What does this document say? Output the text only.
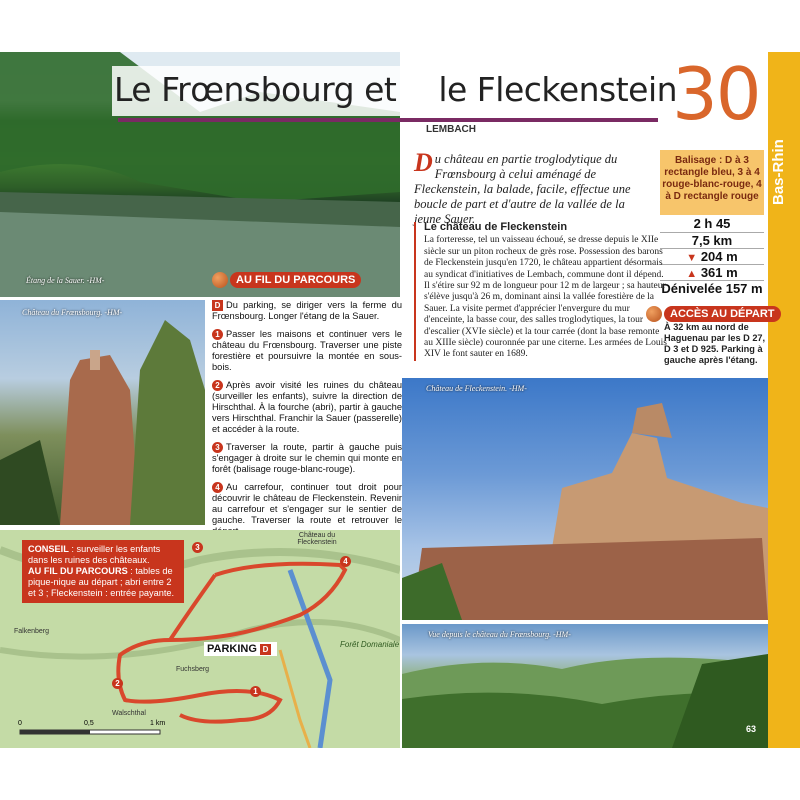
Étang de la Sauer. -HM-
Le Frœnsbourg et le Fleckenstein
LEMBACH	30
Bas-Rhin
Balisage : D à 3 rectangle bleu, 3 à 4 rouge-blanc-rouge, 4 à D rectangle rouge
2 h 45
7,5 km
▼ 204 m
▲ 361 m
Dénivelée 157 m
Du château en partie troglodytique du Frœnsbourg à celui aménagé de Fleckenstein, la balade, facile, effectue une boucle de part et d'autre de la vallée de la jeune Sauer.
Le château de Fleckenstein
La forteresse, tel un vaisseau échoué, se dresse depuis le XIIe siècle sur un piton rocheux de grès rose. Possession des barons de Fleckenstein jusqu'en 1720, le château appartient désormais au syndicat d'initiatives de Lembach, commune dont il dépend. Il s'étire sur 92 m de longueur pour 12 m de largeur ; sa hauteur s'élève jusqu'à 26 m, dominant ainsi la vallée forestière de la Sauer. La visite permet d'apprécier l'envergure du mur d'enceinte, la basse cour, des salles troglodytiques, la tour d'escalier (XVIe siècle) et la tour carrée (dont la base remonte au XIIIe siècle) couronnée par une citerne. Les armées de Louis XIV le font sauter en 1689.
ACCÈS AU DÉPART
À 32 km au nord de Haguenau par les D 27, D 3 et D 925. Parking à gauche après l'étang.
AU FIL DU PARCOURS
Château du Frœnsbourg. -HM-

D Du parking, se diriger vers la ferme du Frœnsbourg. Longer l'étang de la Sauer.

1 Passer les maisons et continuer vers le château du Frœnsbourg. Traverser une piste forestière et poursuivre la montée en sous-bois.

2 Après avoir visité les ruines du château (surveiller les enfants), suivre la direction de Hirschthal. À la fourche (abri), partir à gauche vers Hirschthal. Franchir la Sauer (passerelle) et accéder à la route.

3 Traverser la route, partir à gauche puis s'engager à droite sur le chemin qui monte en forêt (balisage rouge-blanc-rouge).

4 Au carrefour, continuer tout droit pour découvrir le château de Fleckenstein. Revenir au carrefour et s'engager sur le sentier de gauche. Traverser la route et retrouver le

Château de Fleckenstein. -HM-
Vue depuis le château du Frœnsbourg. -HM-
63
PARKING D
Château du Fleckenstein
Falkenberg
Fuchsberg
Walschthal
Forêt Domaniale
1
2
3
4
0	0,5	1 km
CONSEIL : surveiller les enfants dans les ruines des châteaux.
AU FIL DU PARCOURS : tables de pique-nique au départ ; abri entre 2 et 3 ; Fleckenstein : entrée payante.
